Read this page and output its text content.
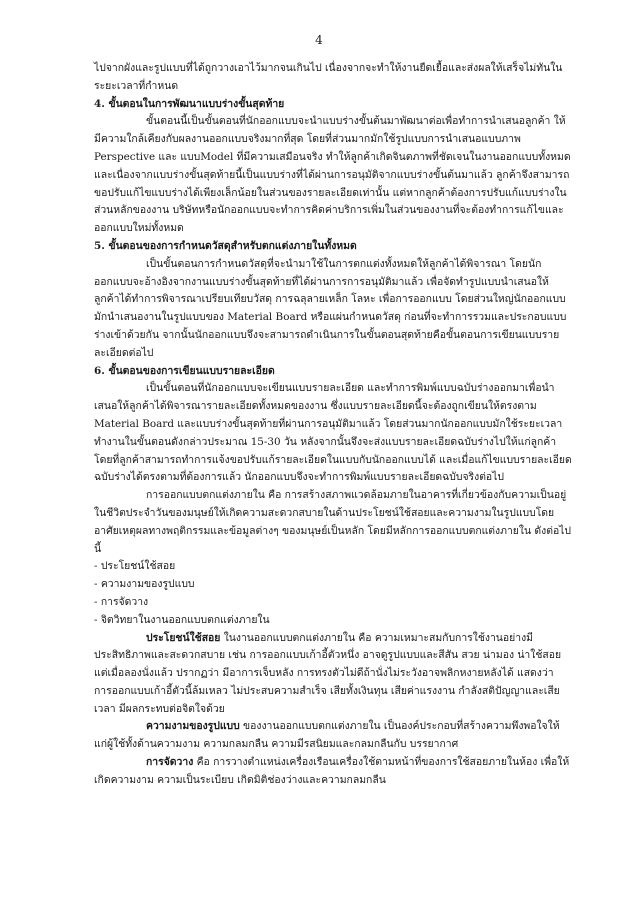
4

ไปจากผังและรูปแบบที่ได้ถูกวางเอาไว้มากจนเกินไป เนื่องจากจะทำให้งานยืดเยื้อและส่งผลให้เสร็จไม่ทันในระยะเวลาที่กำหนด

4. ขั้นตอนในการพัฒนาแบบร่างขั้นสุดท้าย

ขั้นตอนนี้เป็นขั้นตอนที่นักออกแบบจะนำแบบร่างขั้นต้นมาพัฒนาต่อเพื่อทำการนำเสนอลูกค้า ให้มีความใกล้เคียงกับผลงานออกแบบจริงมากที่สุด โดยที่ส่วนมากมักใช้รูปแบบการนำเสนอแบบภาพ Perspective และ แบบModel ที่มีความเสมือนจริง ทำให้ลูกค้าเกิดจินตภาพที่ชัดเจนในงานออกแบบทั้งหมด และเนื่องจากแบบร่างขั้นสุดท้ายนี้เป็นแบบร่างที่ได้ผ่านการอนุมัติจากแบบร่างขั้นต้นมาแล้ว ลูกค้าจึงสามารถขอปรับแก้ไขแบบร่างได้เพียงเล็กน้อยในส่วนของรายละเอียดเท่านั้น แต่หากลูกค้าต้องการปรับแก้แบบร่างในส่วนหลักของงาน บริษัทหรือนักออกแบบจะทำการคิดค่าบริการเพิ่มในส่วนของงานที่จะต้องทำการแก้ไขและออกแบบใหม่ทั้งหมด

5. ขั้นตอนของการกำหนดวัสดุสำหรับตกแต่งภายในทั้งหมด

เป็นขั้นตอนการกำหนดวัสดุที่จะนำมาใช้ในการตกแต่งทั้งหมดให้ลูกค้าได้พิจารณา โดยนักออกแบบจะอ้างอิงจากงานแบบร่างขั้นสุดท้ายที่ได้ผ่านการการอนุมัติมาแล้ว เพื่อจัดทำรูปแบบนำเสนอให้ลูกค้าได้ทำการพิจารณาเปรียบเทียบวัสดุ การฉลุลายเหล็ก โลหะ เพื่อการออกแบบ โดยส่วนใหญ่นักออกแบบมักนำเสนองานในรูปแบบของ Material Board หรือแผ่นกำหนดวัสดุ ก่อนที่จะทำการรวมและประกอบแบบร่างเข้าด้วยกัน จากนั้นนักออกแบบจึงจะสามารถดำเนินการในขั้นตอนสุดท้ายคือขั้นตอนการเขียนแบบรายละเอียดต่อไป

6. ขั้นตอนของการเขียนแบบรายละเอียด

เป็นขั้นตอนที่นักออกแบบจะเขียนแบบรายละเอียด และทำการพิมพ์แบบฉบับร่างออกมาเพื่อนำเสนอให้ลูกค้าได้พิจารณารายละเอียดทั้งหมดของงาน ซึ่งแบบรายละเอียดนี้จะต้องถูกเขียนให้ตรงตาม Material Board และแบบร่างขั้นสุดท้ายที่ผ่านการอนุมัติมาแล้ว โดยส่วนมากนักออกแบบมักใช้ระยะเวลาทำงานในขั้นตอนดังกล่าวประมาณ 15-30 วัน หลังจากนั้นจึงจะส่งแบบรายละเอียดฉบับร่างไปให้แก่ลูกค้า โดยที่ลูกค้าสามารถทำการแจ้งขอปรับแก้รายละเอียดในแบบกับนักออกแบบได้ และเมื่อแก้ไขแบบรายละเอียดฉบับร่างได้ตรงตามที่ต้องการแล้ว นักออกแบบจึงจะทำการพิมพ์แบบรายละเอียดฉบับจริงต่อไป

การออกแบบตกแต่งภายใน คือ การสร้างสภาพแวดล้อมภายในอาคารที่เกี่ยวข้องกับความเป็นอยู่ในชีวิตประจำวันของมนุษย์ให้เกิดความสะดวกสบายในด้านประโยชน์ใช้สอยและความงามในรูปแบบโดยอาศัยเหตุผลทางพฤติกรรมและข้อมูลต่างๆ ของมนุษย์เป็นหลัก โดยมีหลักการออกแบบตกแต่งภายใน ดังต่อไปนี้

- ประโยชน์ใช้สอย

- ความงามของรูปแบบ

- การจัดวาง

- จิตวิทยาในงานออกแบบตกแต่งภายใน

ประโยชน์ใช้สอย ในงานออกแบบตกแต่งภายใน คือ ความเหมาะสมกับการใช้งานอย่างมีประสิทธิภาพและสะดวกสบาย เช่น การออกแบบเก้าอี้ตัวหนึ่ง อาจดูรูปแบบและสีสัน สวย น่ามอง น่าใช้สอย แต่เมื่อลองนั่งแล้ว ปรากฏว่า มีอาการเจ็บหลัง การทรงตัวไม่ดีถ้านั่งไม่ระวังอาจพลิกหงายหลังได้ แสดงว่า การออกแบบเก้าอี้ตัวนี้ล้มเหลว ไม่ประสบความสำเร็จ เสียทั้งเงินทุน เสียค่าแรงงาน กำลังสติปัญญาและเสียเวลา มีผลกระทบต่อจิตใจด้วย

ความงามของรูปแบบ ของงานออกแบบตกแต่งภายใน เป็นองค์ประกอบที่สร้างความพึงพอใจให้แก่ผู้ใช้ทั้งด้านความงาม ความกลมกลืน ความมีรสนิยมและกลมกลืนกับ บรรยากาศ

การจัดวาง คือ การวางตำแหน่งเครื่องเรือนเครื่องใช้ตามหน้าที่ของการใช้สอยภายในห้อง เพื่อให้เกิดความงาม ความเป็นระเบียบ เกิดมิติช่องว่างและความกลมกลืน
